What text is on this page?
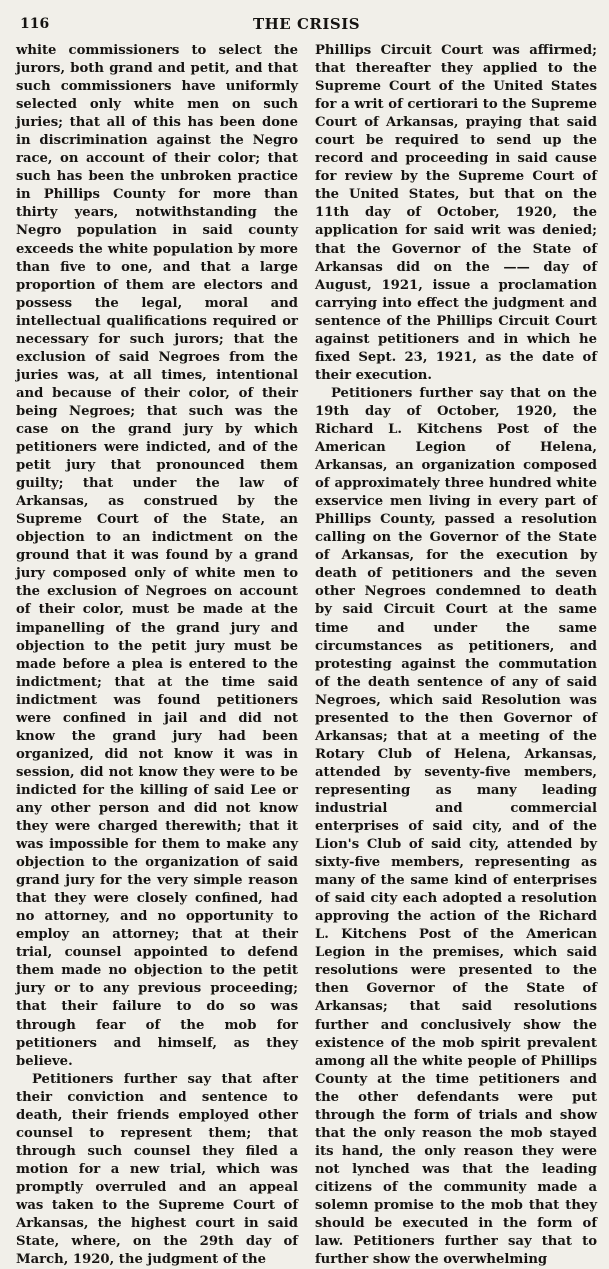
116	THE CRISIS

white commissioners to select the jurors, both grand and petit, and that such commissioners have uniformly selected only white men on such juries; that all of this has been done in discrimination against the Negro race, on account of their color; that such has been the unbroken practice in Phillips County for more than thirty years, notwithstanding the Negro population in said county exceeds the white population by more than five to one, and that a large proportion of them are electors and possess the legal, moral and intellectual qualifications required or necessary for such jurors; that the exclusion of said Negroes from the juries was, at all times, intentional and because of their color, of their being Negroes; that such was the case on the grand jury by which petitioners were indicted, and of the petit jury that pronounced them guilty; that under the law of Arkansas, as construed by the Supreme Court of the State, an objection to an indictment on the ground that it was found by a grand jury composed only of white men to the exclusion of Negroes on account of their color, must be made at the impanelling of the grand jury and objection to the petit jury must be made before a plea is entered to the indictment; that at the time said indictment was found petitioners were confined in jail and did not know the grand jury had been organized, did not know it was in session, did not know they were to be indicted for the killing of said Lee or any other person and did not know they were charged therewith; that it was impossible for them to make any objection to the organization of said grand jury for the very simple reason that they were closely confined, had no attorney, and no opportunity to employ an attorney; that at their trial, counsel appointed to defend them made no objection to the petit jury or to any previous proceeding; that their failure to do so was through fear of the mob for petitioners and himself, as they believe.

Petitioners further say that after their conviction and sentence to death, their friends employed other counsel to represent them; that through such counsel they filed a motion for a new trial, which was promptly overruled and an appeal was taken to the Supreme Court of Arkansas, the highest court in said State, where, on the 29th day of March, 1920, the judgment of the

Phillips Circuit Court was affirmed; that thereafter they applied to the Supreme Court of the United States for a writ of certiorari to the Supreme Court of Arkansas, praying that said court be required to send up the record and proceeding in said cause for review by the Supreme Court of the United States, but that on the 11th day of October, 1920, the application for said writ was denied; that the Governor of the State of Arkansas did on the —— day of August, 1921, issue a proclamation carrying into effect the judgment and sentence of the Phillips Circuit Court against petitioners and in which he fixed Sept. 23, 1921, as the date of their execution.

Petitioners further say that on the 19th day of October, 1920, the Richard L. Kitchens Post of the American Legion of Helena, Arkansas, an organization composed of approximately three hundred white exservice men living in every part of Phillips County, passed a resolution calling on the Governor of the State of Arkansas, for the execution by death of petitioners and the seven other Negroes condemned to death by said Circuit Court at the same time and under the same circumstances as petitioners, and protesting against the commutation of the death sentence of any of said Negroes, which said Resolution was presented to the then Governor of Arkansas; that at a meeting of the Rotary Club of Helena, Arkansas, attended by seventy-five members, representing as many leading industrial and commercial enterprises of said city, and of the Lion's Club of said city, attended by sixty-five members, representing as many of the same kind of enterprises of said city each adopted a resolution approving the action of the Richard L. Kitchens Post of the American Legion in the premises, which said resolutions were presented to the then Governor of the State of Arkansas; that said resolutions further and conclusively show the existence of the mob spirit prevalent among all the white people of Phillips County at the time petitioners and the other defendants were put through the form of trials and show that the only reason the mob stayed its hand, the only reason they were not lynched was that the leading citizens of the community made a solemn promise to the mob that they should be executed in the form of law. Petitioners further say that to further show the overwhelming
